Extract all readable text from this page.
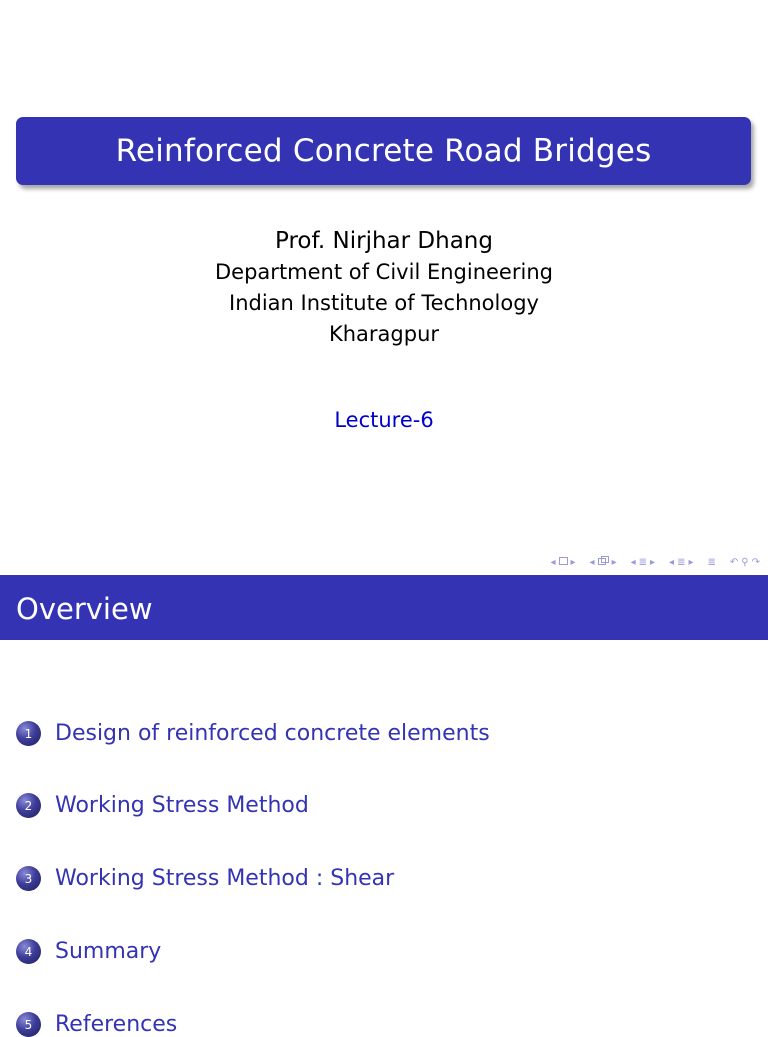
Reinforced Concrete Road Bridges
Prof. Nirjhar Dhang
Department of Civil Engineering
Indian Institute of Technology
Kharagpur
Lecture-6
◂ ▸ ◂ ▸ ◂ ≣ ▸ ◂ ≣ ▸ ≣ ↶ ⚲ ↷
Overview
1	Design of reinforced concrete elements
2	Working Stress Method
3	Working Stress Method : Shear
4	Summary
5	References
